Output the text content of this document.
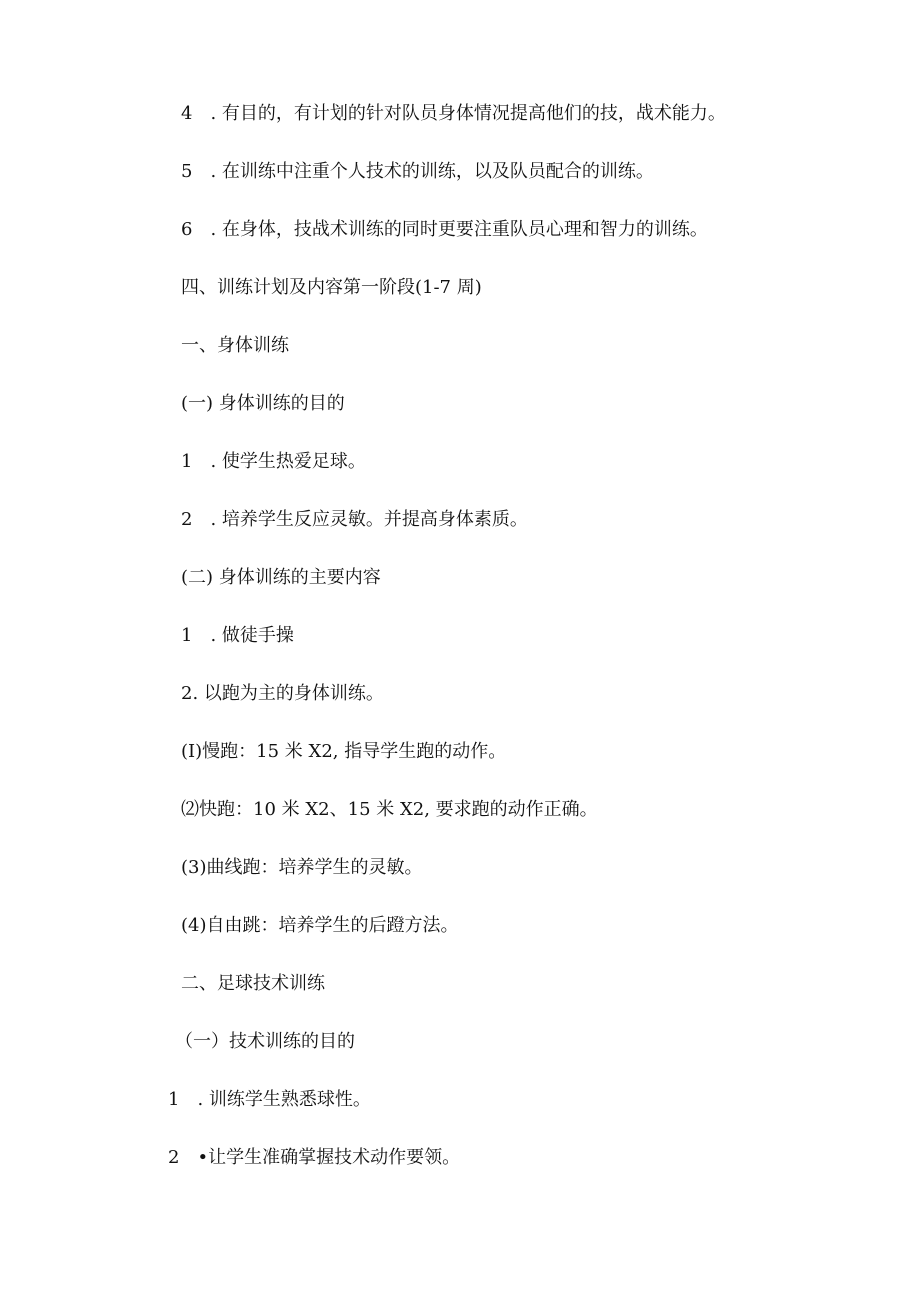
4　. 有目的，有计划的针对队员身体情况提高他们的技，战术能力。

5　. 在训练中注重个人技术的训练，以及队员配合的训练。

6　. 在身体，技战术训练的同时更要注重队员心理和智力的训练。

四、训练计划及内容第一阶段(1-7 周)

一、身体训练

(一) 身体训练的目的

1　. 使学生热爱足球。

2　. 培养学生反应灵敏。并提高身体素质。

(二) 身体训练的主要内容

1　. 做徒手操

2. 以跑为主的身体训练。

(I)慢跑：15 米 X2, 指导学生跑的动作。

⑵快跑：10 米 X2、15 米 X2, 要求跑的动作正确。

(3)曲线跑：培养学生的灵敏。

(4)自由跳：培养学生的后蹬方法。

二、足球技术训练

（一）技术训练的目的

1　. 训练学生熟悉球性。

2　•让学生准确掌握技术动作要领。
